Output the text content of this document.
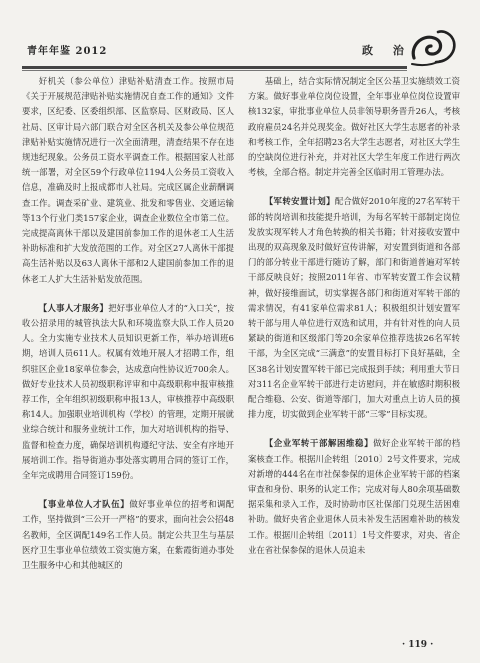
青年年鉴 2012	政 治

好机关（参公单位）津贴补贴清查工作。按照市局《关于开展规范津贴补贴实施情况自查工作的通知》文件要求，区纪委、区委组织部、区监察局、区财政局、区人社局、区审计局六部门联合对全区各机关及参公单位规范津贴补贴实施情况进行一次全面清理，清查结果不存在违规违纪现象。公务员工资水平调查工作。根据国家人社部统一部署，对全区59个行政单位1194人公务员工资收入信息，准确及时上报成都市人社局。完成区属企业薪酬调查工作。调查采矿业、建筑业、批发和零售业、交通运输等13个行业门类157家企业，调查企业数位全市第二位。完成提高离休干部以及建国前参加工作的退休老工人生活补助标准和扩大发放范围的工作。对全区27人离休干部提高生活补贴以及63人离休干部和2人建国前参加工作的退休老工人扩大生活补贴发放范围。

【人事人才服务】把好事业单位人才的“入口关”，按收公招录用的城管执法大队和环境监察大队工作人员20人。全力实施专业技术人员知识更新工作，举办培训班6期，培训人员611人。权属有效地开展人才招聘工作，组织驻区企业18家单位参会，达成意向性协议近700余人。做好专业技术人员初级职称评审和中高级职称申报审核推荐工作，全年组织初级职称申报13人，审核推荐中高级职称14人。加强职业培训机构（学校）的管理，定期开展就业综合统计和服务业统计工作，加大对培训机构的指导、监督和检查力度，确保培训机构遵纪守法、安全有序地开展培训工作。指导街道办事处落实聘用合同的签订工作，全年完成聘用合同签订159份。

【事业单位人才队伍】做好事业单位的招考和调配工作，坚持做到“三公开一严格”的要求，面向社会公招48名教师，全区调配149名工作人员。制定公共卫生与基层医疗卫生事业单位绩效工资实施方案，在紫霞街道办事处卫生服务中心和其他城区的

基础上，结合实际情况制定全区公基卫实施绩效工资方案。做好事业单位岗位设置，全年事业单位岗位设置审核132家，审批事业单位人员非领导职务晋升26人，考核政府雇员24名并兑现奖金。做好社区大学生志愿者的补录和考核工作，全年招聘23名大学生志愿者，对社区大学生的空缺岗位进行补充，并对社区大学生年度工作进行两次考核，全部合格。制定并完善全区临时用工管理办法。

【军转安置计划】配合做好2010年度的27名军转干部的转岗培训和技能提升培训，为每名军转干部制定岗位发放实现军转人才角色转换的相关书籍；针对接收安置中出现的双高现象及时做好宣传讲解，对安置到街道和各部门的部分转业干部进行随访了解，部门和街道普遍对军转干部反映良好；按照2011年省、市军转安置工作会议精神，做好接维面试，切实掌握各部门和街道对军转干部的需求情况，有41家单位需求81人；积极组织计划安置军转干部与用人单位进行双选和试用，并有针对性的向人员紧缺的街道和区级部门等20余家单位推荐选拔26名军转干部，为全区完成“三满意”的安置目标打下良好基础，全区38名计划安置军转干部已完成报到手续；利用重大节日对311名企业军转干部进行走访慰问，并在敏感时期积极配合维稳、公安、街道等部门，加大对重点上访人员的摸排力度，切实做到企业军转干部“三零”目标实现。

【企业军转干部解困维稳】做好企业军转干部的档案核查工作。根据川企转组〔2010〕2号文件要求，完成对新增的444名在市社保参保的退休企业军转干部的档案审查和身份、职务的认定工作；完成对每人80余项基础数据采集和录入工作，及时协助市区社保部门兑现生活困难补助。做好央省企业退休人员未补发生活困难补助的核发工作。根据川企转组〔2011〕1号文件要求，对央、省企业在省社保参保的退休人员追未

· 119 ·
